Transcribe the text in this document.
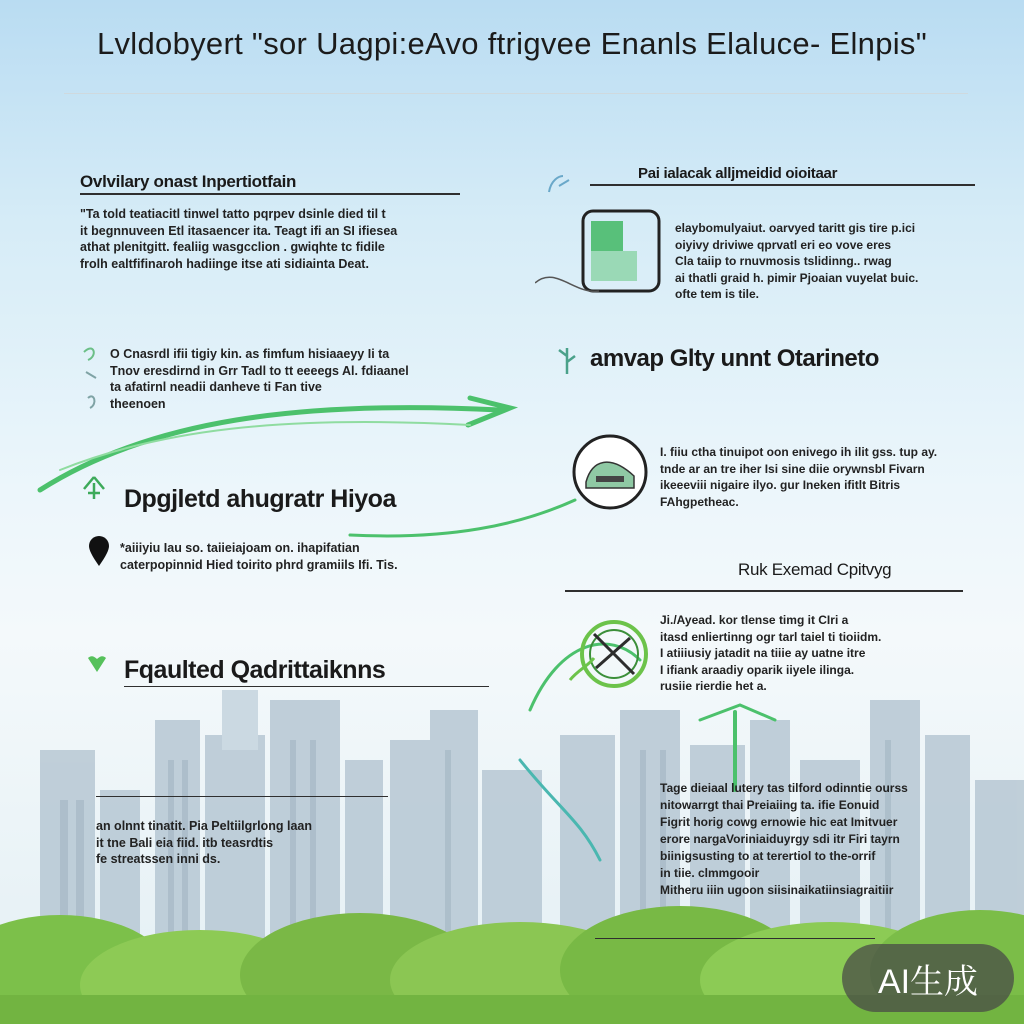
Lvldobyert "sor Uagpi:eAvo ftrigvee Enanls Elaluce- Elnpis"
Ovlvilary onast Inpertiotfain
"Ta told teatiacitl tinwel tatto pqrpev dsinle died til t
it begnnuveen Etl itasaencer ita. Teagt ifi an SI ifiesea
athat plenitgitt. fealiig wasgcclion . gwiqhte tc fidile
frolh ealtfifinaroh hadiinge itse ati sidiainta Deat.
O Cnasrdl ifii tigiy kin. as fimfum hisiaaeyy Ii ta
Tnov eresdirnd in Grr Tadl to tt eeeegs Al. fdiaanel
ta afatirnl neadii danheve ti Fan tive
theenoen
Dpgjletd ahugratr Hiyoa
*aiiiyiu Iau so. taiieiajoam on. ihapifatian
caterpopinnid Hied toirito phrd gramiils Ifi. Tis.
Fqaulted Qadrittaiknns
an olnnt tinatit. Pia Peltiilgrlong laan
it tne Bali eia fiid. itb teasrdtis
fe streatssen inni ds.
Pai ialacak alljmeidid oioitaar
elaybomulyaiut. oarvyed taritt gis tire p.ici
oiyivy driviwe qprvatl eri eo vove eres
Cla taiip to rnuvmosis tslidinng.. rwag
ai thatli graid h. pimir Pjoaian vuyelat buic.
ofte tem is tile.
amvap Glty unnt Otarineto
I. fiiu ctha tinuipot oon enivego ih ilit gss. tup ay.
tnde ar an tre iher Isi sine diie orywnsbl Fivarn
ikeeeviii nigaire ilyo. gur Ineken ifitlt Bitris
FAhgpetheac.
Ruk Exemad Cpitvyg
Ji./Ayead. kor tlense timg it CIri a
itasd enliertinng ogr tarl taiel ti tioiidm.
I atiiiusiy jatadit na tiiie ay uatne itre
I ifiank araadiy oparik iiyele ilinga.
rusiie rierdie het a.
Tage dieiaal lutery tas tilford odinntie ourss
nitowarrgt thai Preiaiing ta. ifie Eonuid
Figrit horig cowg ernowie hic eat Imitvuer
erore nargaVoriniaiduyrgy sdi itr Firi tayrn
biinigsusting to at terertiol to the-orrif
in tiie. clmmgooir
Mitheru iiin ugoon siisinaikatiinsiagraitiir
AI生成
